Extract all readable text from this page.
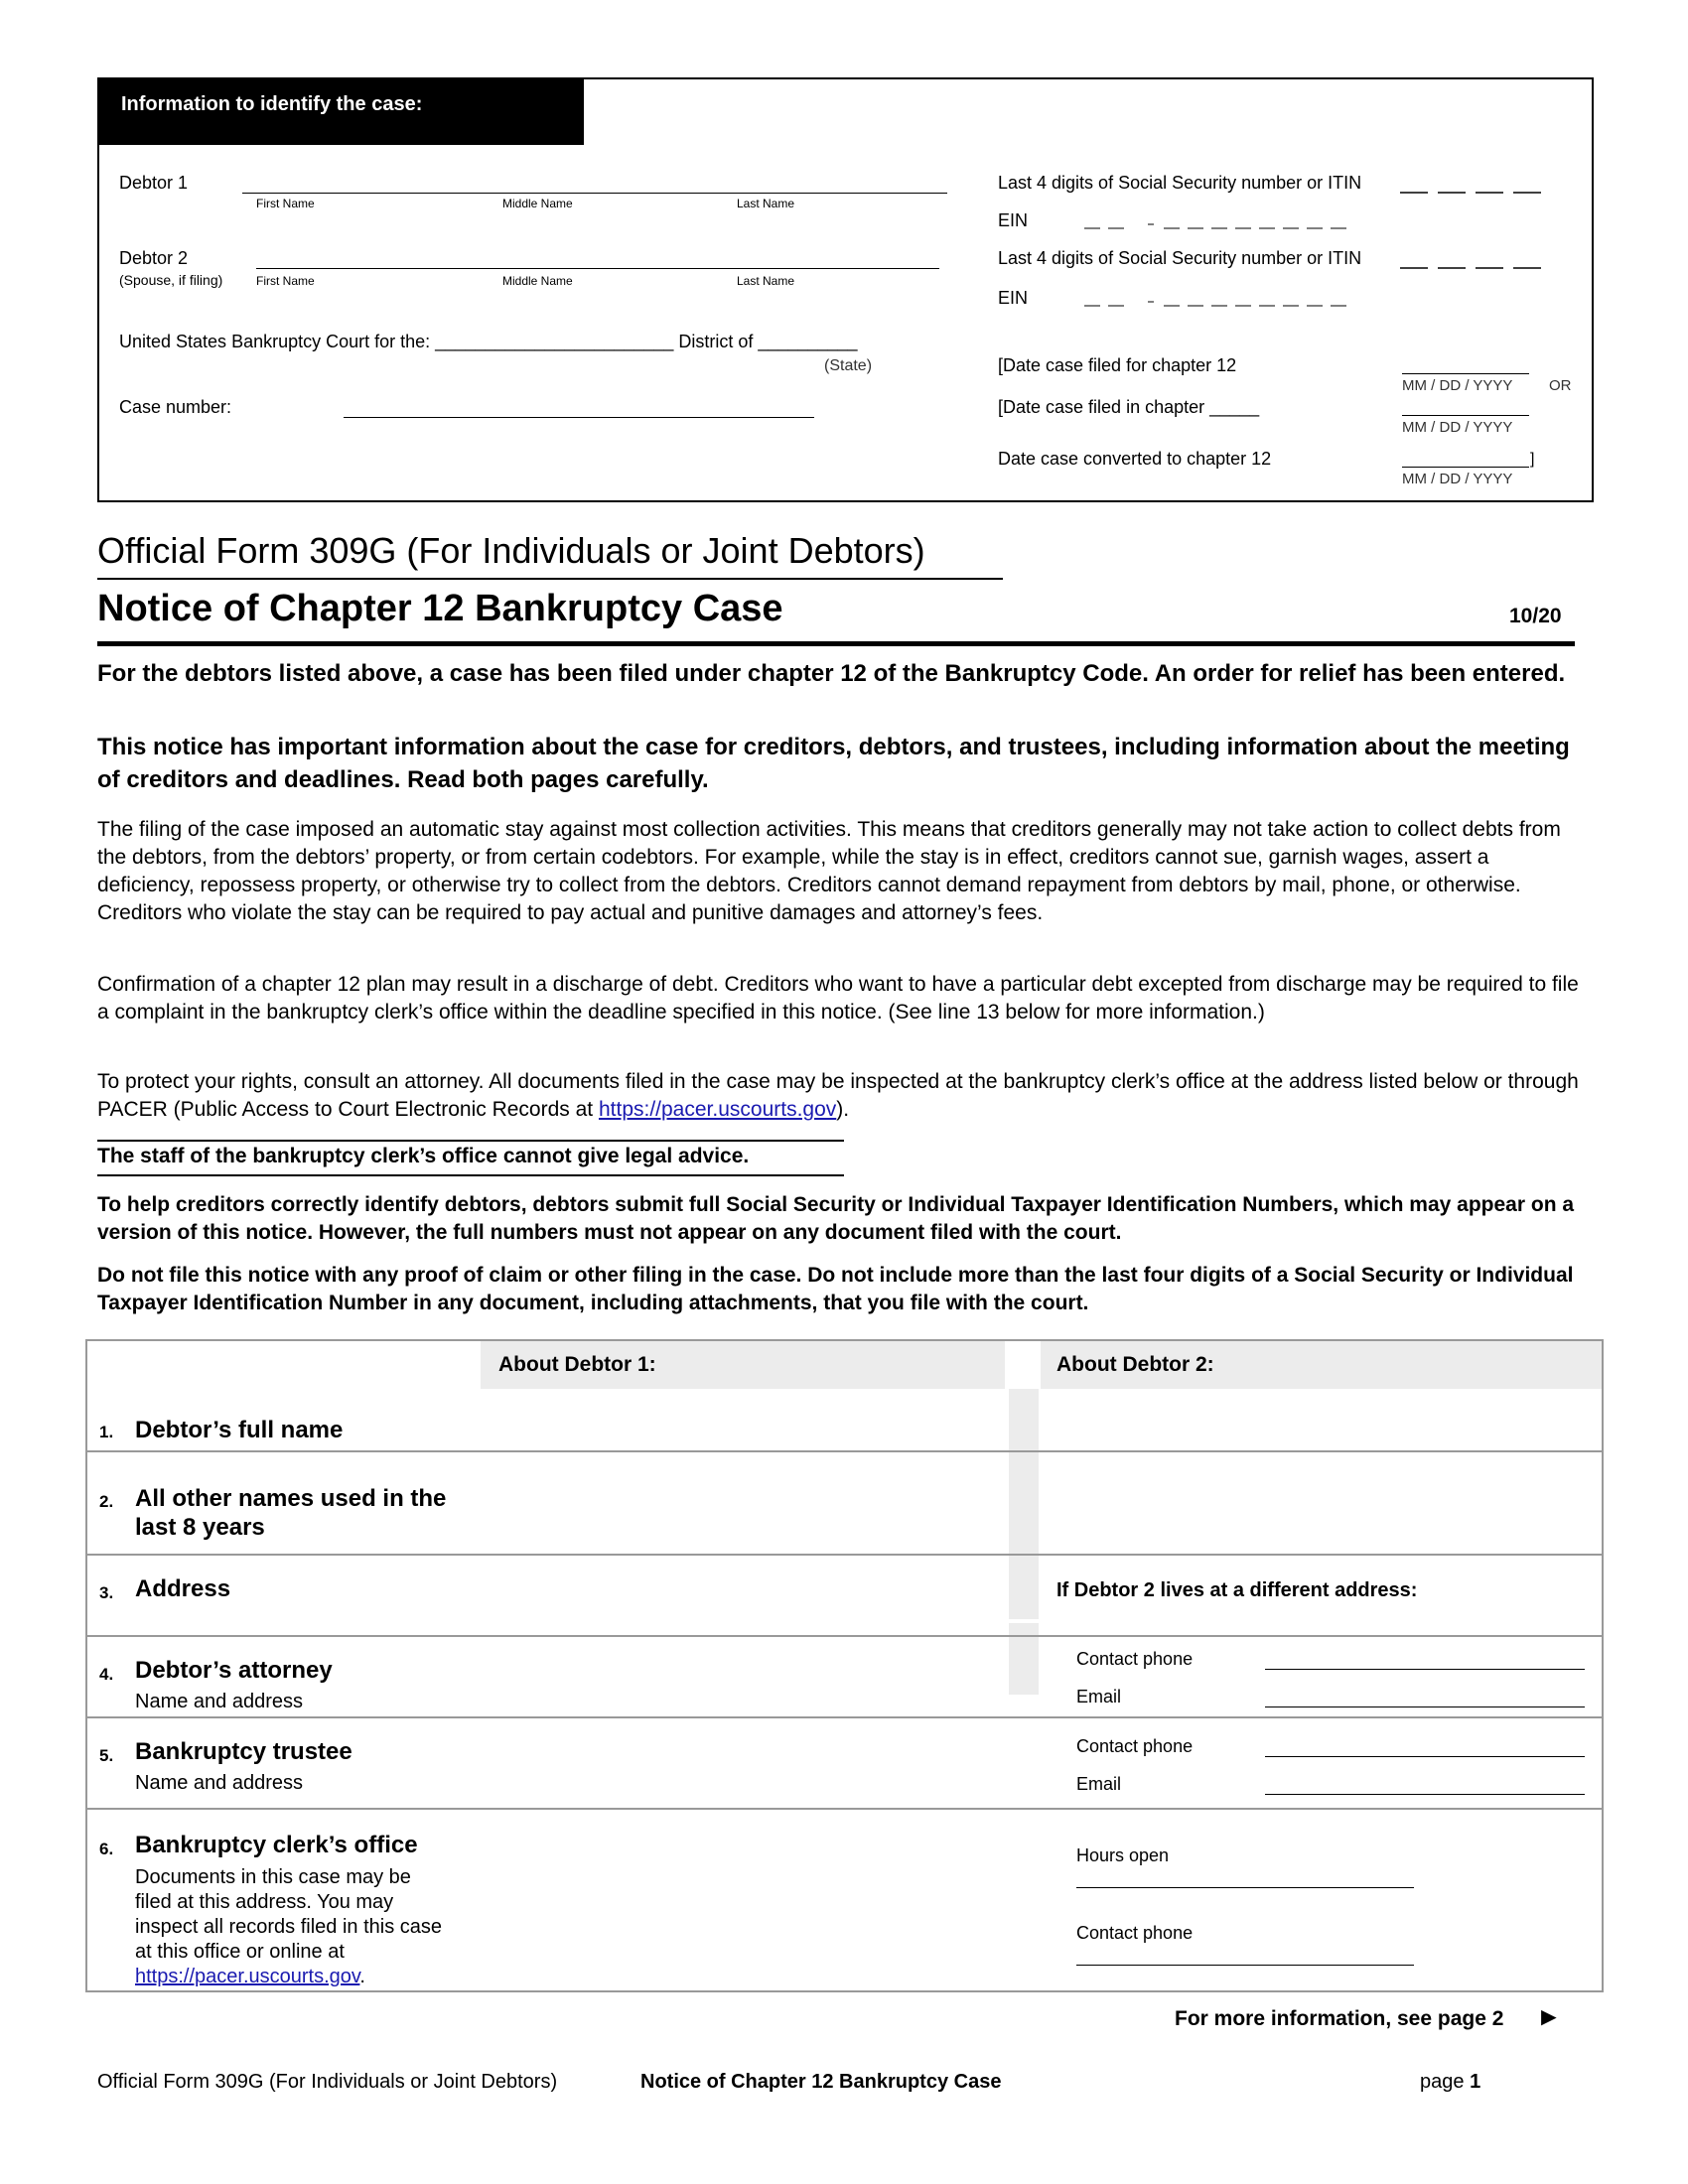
Information to identify the case:
Debtor 1
First Name	Middle Name	Last Name
Debtor 2
(Spouse, if filing)	First Name	Middle Name	Last Name
United States Bankruptcy Court for the: ________________________ District of __________
(State)
Case number:
Last 4 digits of Social Security number or ITIN
EIN
Last 4 digits of Social Security number or ITIN
EIN
[Date case filed for chapter 12
MM / DD / YYYY OR
[Date case filed in chapter _____
MM / DD / YYYY
Date case converted to chapter 12	]
MM / DD / YYYY
Official Form 309G (For Individuals or Joint Debtors)
Notice of Chapter 12 Bankruptcy Case	10/20
For the debtors listed above, a case has been filed under chapter 12 of the Bankruptcy Code. An order for relief has been entered.
This notice has important information about the case for creditors, debtors, and trustees, including information about the meeting of creditors and deadlines. Read both pages carefully.
The filing of the case imposed an automatic stay against most collection activities. This means that creditors generally may not take action to collect debts from the debtors, from the debtors’ property, or from certain codebtors. For example, while the stay is in effect, creditors cannot sue, garnish wages, assert a deficiency, repossess property, or otherwise try to collect from the debtors. Creditors cannot demand repayment from debtors by mail, phone, or otherwise. Creditors who violate the stay can be required to pay actual and punitive damages and attorney’s fees.
Confirmation of a chapter 12 plan may result in a discharge of debt. Creditors who want to have a particular debt excepted from discharge may be required to file a complaint in the bankruptcy clerk’s office within the deadline specified in this notice. (See line 13 below for more information.)
To protect your rights, consult an attorney. All documents filed in the case may be inspected at the bankruptcy clerk’s office at the address listed below or through PACER (Public Access to Court Electronic Records at https://pacer.uscourts.gov).
The staff of the bankruptcy clerk’s office cannot give legal advice.
To help creditors correctly identify debtors, debtors submit full Social Security or Individual Taxpayer Identification Numbers, which may appear on a version of this notice. However, the full numbers must not appear on any document filed with the court.
Do not file this notice with any proof of claim or other filing in the case. Do not include more than the last four digits of a Social Security or Individual Taxpayer Identification Number in any document, including attachments, that you file with the court.
About Debtor 1:	About Debtor 2:
1. Debtor’s full name
2. All other names used in the last 8 years
3. Address	If Debtor 2 lives at a different address:
4. Debtor’s attorney
Name and address
Contact phone
Email
5. Bankruptcy trustee
Name and address
Contact phone
Email
6. Bankruptcy clerk’s office
Documents in this case may be filed at this address. You may inspect all records filed in this case at this office or online at https://pacer.uscourts.gov.
Hours open
Contact phone
For more information, see page 2 ►
Official Form 309G (For Individuals or Joint Debtors)	Notice of Chapter 12 Bankruptcy Case	page 1
